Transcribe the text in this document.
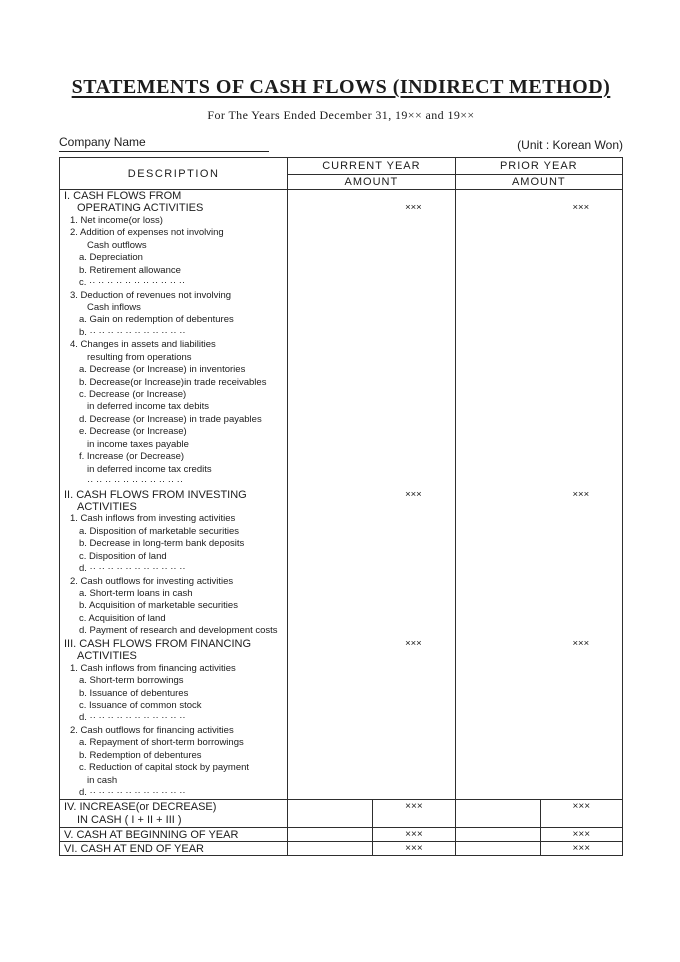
STATEMENTS OF CASH FLOWS (INDIRECT METHOD)
For The Years Ended December 31, 19×× and 19××
Company Name	(Unit : Korean Won)
DESCRIPTION
CURRENT YEAR
AMOUNT
PRIOR YEAR
AMOUNT
I. CASH FLOWS FROM
OPERATING ACTIVITIES	×××	×××
1. Net income(or loss)
2. Addition of expenses not involving
Cash outflows
a. Depreciation
b. Retirement allowance
c. ·· ·· ·· ·· ·· ·· ·· ·· ·· ·· ··
3. Deduction of revenues not involving
Cash inflows
a. Gain on redemption of debentures
b. ·· ·· ·· ·· ·· ·· ·· ·· ·· ·· ··
4. Changes in assets and liabilities
resulting from operations
a. Decrease (or Increase) in inventories
b. Decrease(or Increase)in trade receivables
c. Decrease (or Increase)
in deferred income tax debits
d. Decrease (or Increase) in trade payables
e. Decrease (or Increase)
in income taxes payable
f. Increase (or Decrease)
in deferred income tax credits
·· ·· ·· ·· ·· ·· ·· ·· ·· ·· ··
II. CASH FLOWS FROM INVESTING	×××	×××
ACTIVITIES
1. Cash inflows from investing activities
a. Disposition of marketable securities
b. Decrease in long-term bank deposits
c. Disposition of land
d. ·· ·· ·· ·· ·· ·· ·· ·· ·· ·· ··
2. Cash outflows for investing activities
a. Short-term loans in cash
b. Acquisition of marketable securities
c. Acquisition of land
d. Payment of research and development costs
III. CASH FLOWS FROM FINANCING	×××	×××
ACTIVITIES
1. Cash inflows from financing activities
a. Short-term borrowings
b. Issuance of debentures
c. Issuance of common stock
d. ·· ·· ·· ·· ·· ·· ·· ·· ·· ·· ··
2. Cash outflows for financing activities
a. Repayment of short-term borrowings
b. Redemption of debentures
c. Reduction of capital stock by payment
in cash
d. ·· ·· ·· ·· ·· ·· ·· ·· ·· ·· ··
IV. INCREASE(or DECREASE)	×××	×××
IN CASH ( I + II + III )
V. CASH AT BEGINNING OF YEAR	×××	×××
VI. CASH AT END OF YEAR	×××	×××
